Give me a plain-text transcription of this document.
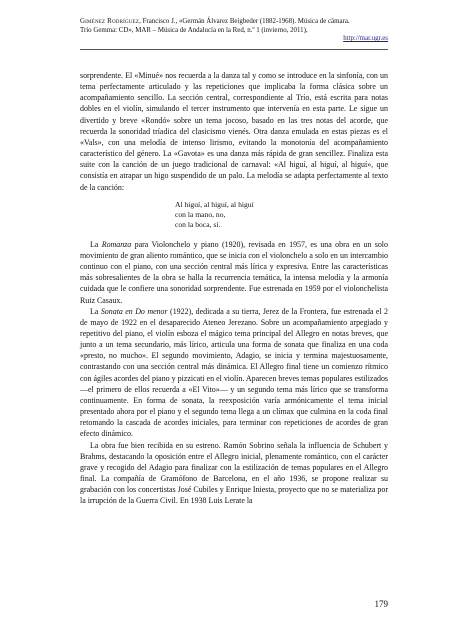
Giménez Rodríguez, Francisco J., «Germán Álvarez Beigbeder (1882-1968). Música de cámara.
Trío Gemma: CD», MAR – Música de Andalucía en la Red, n.º 1 (invierno, 2011),
http://mar.ugr.es

sorprendente. El «Minué» nos recuerda a la danza tal y como se introduce en la sinfonía, con un tema perfectamente articulado y las repeticiones que implicaba la forma clásica sobre un acompañamiento sencillo. La sección central, correspondiente al Trío, está escrita para notas dobles en el violín, simulando el tercer instrumento que intervenía en esta parte. Le sigue un divertido y breve «Rondó» sobre un tema jocoso, basado en las tres notas del acorde, que recuerda la sonoridad tríadica del clasicismo vienés. Otra danza emulada en estas piezas es el «Vals», con una melodía de intenso lirismo, evitando la monotonía del acompañamiento característico del género. La «Gavota» es una danza más rápida de gran sencillez. Finaliza esta suite con la canción de un juego tradicional de carnaval: «Al higuí, al higuí, al higuí», que consistía en atrapar un higo suspendido de un palo. La melodía se adapta perfectamente al texto de la canción:

Al higuí, al higuí, al higuí
con la mano, no,
con la boca, sí.

La Romanza para Violonchelo y piano (1920), revisada en 1957, es una obra en un solo movimiento de gran aliento romántico, que se inicia con el violonchelo a solo en un intercambio continuo con el piano, con una sección central más lírica y expresiva. Entre las características más sobresalientes de la obra se halla la recurrencia temática, la intensa melodía y la armonía cuidada que le confiere una sonoridad sorprendente. Fue estrenada en 1959 por el violonchelista Ruiz Casaux.

La Sonata en Do menor (1922), dedicada a su tierra, Jerez de la Frontera, fue estrenada el 2 de mayo de 1922 en el desaparecido Ateneo Jerezano. Sobre un acompañamiento arpegiado y repetitivo del piano, el violín esboza el mágico tema principal del Allegro en notas breves, que junto a un tema secundario, más lírico, articula una forma de sonata que finaliza en una coda «presto, no mucho». El segundo movimiento, Adagio, se inicia y termina majestuosamente, contrastando con una sección central más dinámica. El Allegro final tiene un comienzo rítmico con ágiles acordes del piano y pizzicati en el violín. Aparecen breves temas populares estilizados —el primero de ellos recuerda a «El Vito»— y un segundo tema más lírico que se transforma continuamente. En forma de sonata, la reexposición varía armónicamente el tema inicial presentado ahora por el piano y el segundo tema llega a un clímax que culmina en la coda final retomando la cascada de acordes iniciales, para terminar con repeticiones de acordes de gran efecto dinámico.

La obra fue bien recibida en su estreno. Ramón Sobrino señala la influencia de Schubert y Brahms, destacando la oposición entre el Allegro inicial, plenamente romántico, con el carácter grave y recogido del Adagio para finalizar con la estilización de temas populares en el Allegro final. La compañía de Gramófono de Barcelona, en el año 1936, se propone realizar su grabación con los concertistas José Cubiles y Enrique Iniesta, proyecto que no se materializa por la irrupción de la Guerra Civil. En 1938 Luis Lerate la

179
